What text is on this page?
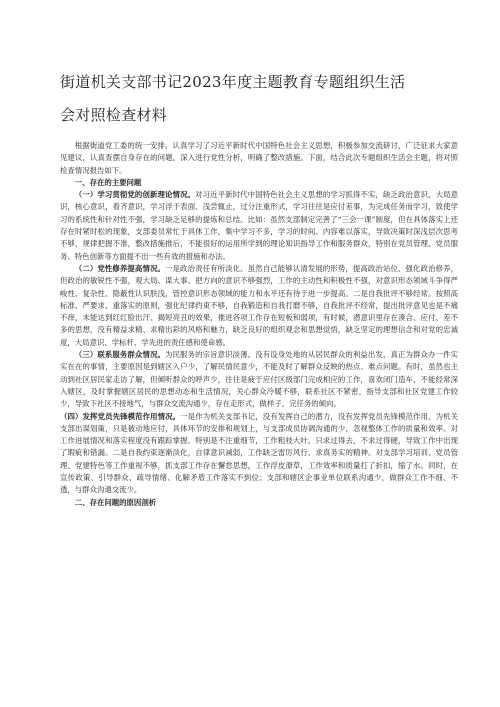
街道机关支部书记2023年度主题教育专题组织生活
会对照检查材料

根据街道党工委的统一安排，认真学习了习近平新时代中国特色社会主义思想，积极参加交流研讨，广泛征求大家意见建议，认真查摆自身存在的问题，深入进行党性分析，明确了整改措施。下面，结合此次专题组织生活会主题，将对照检查情况报告如下。

一、存在的主要问题

（一）学习贯彻党的创新理论情况。对习近平新时代中国特色社会主义思想的学习抓得不实，缺乏政治意识，大局意识，核心意识，看齐意识，学习浮于表面、浅尝辄止，过分注重形式，学习往往是应付差事，为完成任务而学习，致使学习的系统性和针对性不强，学习缺乏足够的提炼和总结。比如：虽然支部制定完善了“三会一课”制度，但在具体落实上还存在时紧时松的现象，支部委员常忙于具体工作，集中学习不多，学习的时间、内容难以落实，导致决策时深浅层次思考不够，规律把握不准，整改措施推后，不能很好的运用所学到的理论知识指导工作和服务群众，特别在党员管理、党员服务、特色创新等方面提不出一些有效的措施和办法。

（二）党性修养提高情况。一是政治责任有所淡化。虽然自己能够认清发展的形势，提高政治站位、强化政治修养，但政治的敏锐性不强，观大局、谋大事、把方向的意识不够强烈，工作的主动性和积极性不强，对意识形态领域斗争得严峻性、复杂性、隐蔽性认识肤浅，管控意识形态领域的能力和水平还有待于进一步提高。二是自我批评不够经常。按照高标准、严要求、重落实的原则，强化纪律约束不够，自我锻造和自我打磨不够，自我批评不经常，提出批评意见也是不痛不痒，未能达到红红脸出汗、揭短亮丑的效果，推进各项工作存在短板和弱项，有时候，潜意识里存在凑合、应付、差不多的思想，没有精益求精、求精出彩的风格和魅力，缺乏良好的组织观念和思想觉悟，缺乏坚定的理想信念和对党的忠诚度，大局意识、学标杆、学先进的责任感和使命感。

（三）联系服务群众情况。为民服务的宗旨意识淡薄。没有设身处地的从居民群众的利益出发，真正为群众办一件实实在在的事情，主要原因是到辖区入户少，了解民情民意少，不能及时了解群众反映的热点、难点问题。有时，虽然也主动到社区居民家走访了解，但倾听群众的呼声少，往往是疲于应付区级部门完成相应的工作，喜欢闭门造车，不能经常深入辖区，及时掌握辖区居民的思想动态和生活情况，关心群众冷暖不够，联系社区不紧密，指导支部和社区党建工作较少，导致下社区不接地气，与群众交流沟通少，存在走形式，做样子，完任务的倾向。

（四）发挥党员先锋模范作用情况。一是作为机关支部书记，没有发挥自己的潜力，没有发挥党员先锋模范作用，为机关支部出谋划策，只是被动地应付，具体环节的安排和规划上，与支部成员协调沟通的少，忽视整体工作的质量和效率。对工作进展情况和落实程度没有跟踪掌握。特别是不注重细节，工作粗枝大叶，只求过得去，不求过得硬，导致工作中出现了瑕疵和错漏。二是自我约束逐渐淡化，自律意识减弱，工作缺乏雷厉风行、求真务实的精神。对支部学习培训、党员管理、党建特色等工作重视不够，抓支部工作存在懈怠思想，工作浮皮潦草，工作效率和质量打了折扣，缩了水。同时，在宣传政策、引导群众、疏导情绪、化解矛盾工作落实不到位；支部和辖区企事业单位联系沟通少，做群众工作不细、不透，与群众沟通交流少。

二、存在问题的原因剖析
